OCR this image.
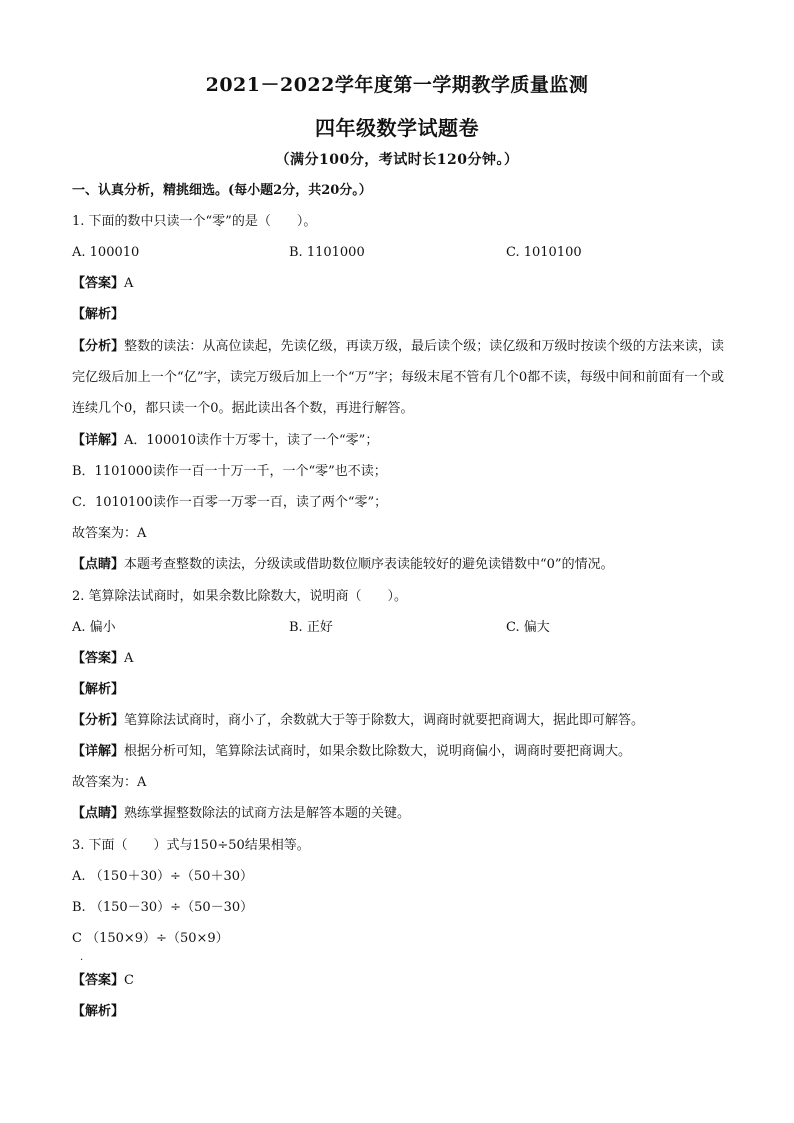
2021－2022学年度第一学期教学质量监测
四年级数学试题卷
（满分100分，考试时长120分钟。）
一、认真分析，精挑细选。(每小题2分，共20分。）
1. 下面的数中只读一个“零”的是（　　）。
A. 100010	B. 1101000	C. 1010100
【答案】A
【解析】
【分析】整数的读法：从高位读起，先读亿级，再读万级，最后读个级；读亿级和万级时按读个级的方法来读，读完亿级后加上一个“亿”字，读完万级后加上一个“万”字；每级末尾不管有几个0都不读，每级中间和前面有一个或连续几个0，都只读一个0。据此读出各个数，再进行解答。
【详解】A．100010读作十万零十，读了一个“零”；
B．1101000读作一百一十万一千，一个“零”也不读；
C．1010100读作一百零一万零一百，读了两个“零”；
故答案为：A
【点睛】本题考查整数的读法，分级读或借助数位顺序表读能较好的避免读错数中“0”的情况。
2. 笔算除法试商时，如果余数比除数大，说明商（　　）。
A. 偏小	B. 正好	C. 偏大
【答案】A
【解析】
【分析】笔算除法试商时，商小了，余数就大于等于除数大，调商时就要把商调大，据此即可解答。
【详解】根据分析可知，笔算除法试商时，如果余数比除数大，说明商偏小，调商时要把商调大。
故答案为：A
【点睛】熟练掌握整数除法的试商方法是解答本题的关键。
3. 下面（　　）式与150÷50结果相等。
A. （150＋30）÷（50＋30）
B. （150－30）÷（50－30）
C （150×9）÷（50×9）
.
【答案】C
【解析】
